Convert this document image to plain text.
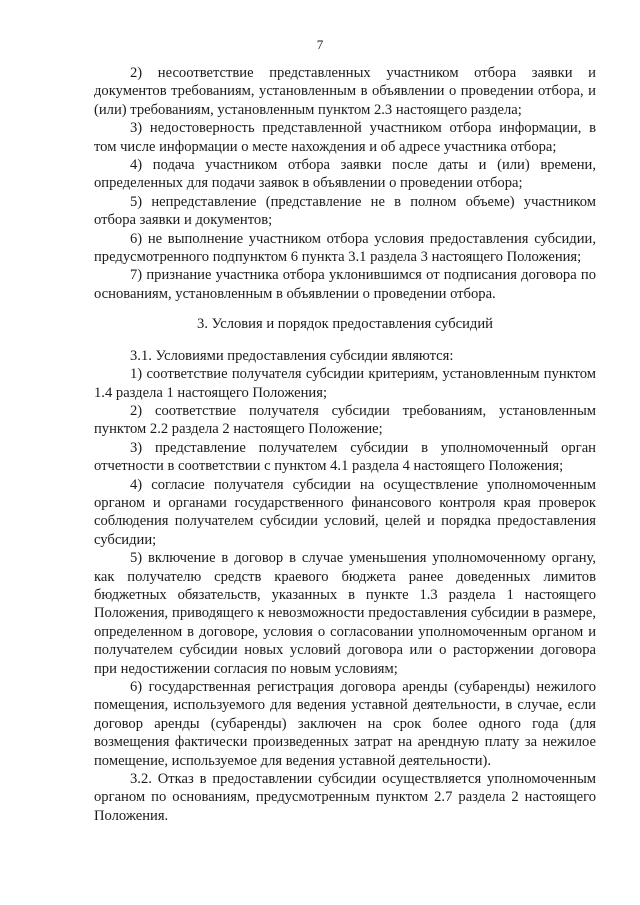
7

2) несоответствие представленных участником отбора заявки и документов требованиям, установленным в объявлении о проведении отбора, и (или) требованиям, установленным пунктом 2.3 настоящего раздела;

3) недостоверность представленной участником отбора информации, в том числе информации о месте нахождения и об адресе участника отбора;

4) подача участником отбора заявки после даты и (или) времени, определенных для подачи заявок в объявлении о проведении отбора;

5) непредставление (представление не в полном объеме) участником отбора заявки и документов;

6) не выполнение участником отбора условия предоставления субсидии, предусмотренного подпунктом 6 пункта 3.1 раздела 3 настоящего Положения;

7) признание участника отбора уклонившимся от подписания договора по основаниям, установленным в объявлении о проведении отбора.

3. Условия и порядок предоставления субсидий

3.1. Условиями предоставления субсидии являются:

1) соответствие получателя субсидии критериям, установленным пунктом 1.4 раздела 1 настоящего Положения;

2) соответствие получателя субсидии требованиям, установленным пунктом 2.2 раздела 2 настоящего Положение;

3) представление получателем субсидии в уполномоченный орган отчетности в соответствии с пунктом 4.1 раздела 4 настоящего Положения;

4) согласие получателя субсидии на осуществление уполномоченным органом и органами государственного финансового контроля края проверок соблюдения получателем субсидии условий, целей и порядка предоставления субсидии;

5) включение в договор в случае уменьшения уполномоченному органу, как получателю средств краевого бюджета ранее доведенных лимитов бюджетных обязательств, указанных в пункте 1.3 раздела 1 настоящего Положения, приводящего к невозможности предоставления субсидии в размере, определенном в договоре, условия о согласовании уполномоченным органом и получателем субсидии новых условий договора или о расторжении договора при недостижении согласия по новым условиям;

6) государственная регистрация договора аренды (субаренды) нежилого помещения, используемого для ведения уставной деятельности, в случае, если договор аренды (субаренды) заключен на срок более одного года (для возмещения фактически произведенных затрат на арендную плату за нежилое помещение, используемое для ведения уставной деятельности).

3.2. Отказ в предоставлении субсидии осуществляется уполномоченным органом по основаниям, предусмотренным пунктом 2.7 раздела 2 настоящего Положения.
